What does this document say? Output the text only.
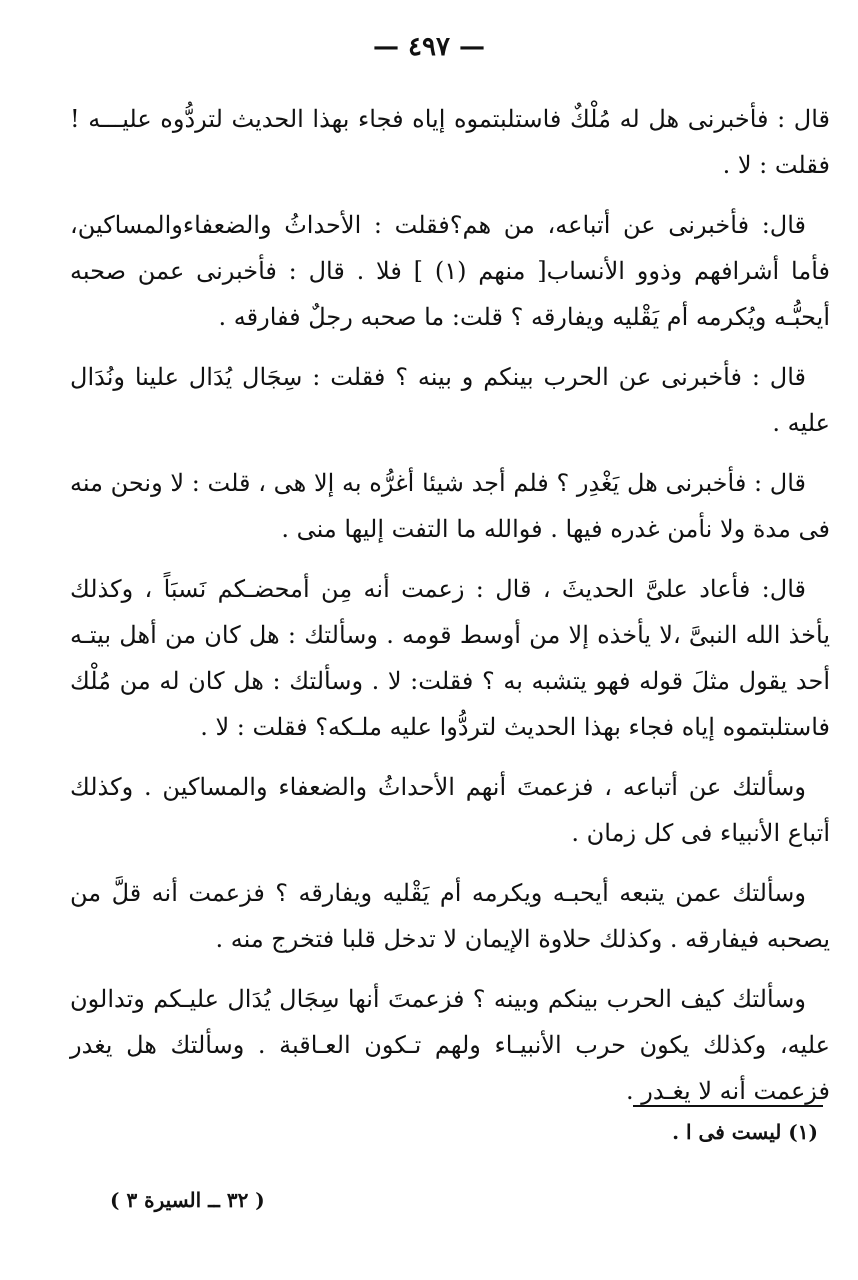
— ٤٩٧ —

قال : فأخبرنى هل له مُلْكٌ فاستلبتموه إياه فجاء بهذا الحديث لتردُّوه عليـــه ! فقلت : لا .

قال: فأخبرنى عن أتباعه، من هم؟فقلت : الأحداثُ والضعفاءوالمساكين، فأما أشرافهم وذوو الأنساب[ منهم (١) ] فلا . قال : فأخبرنى عمن صحبه أيحبُّـه ويُكرمه أم يَقْليه ويفارقه ؟ قلت: ما صحبه رجلٌ ففارقه .

قال : فأخبرنى عن الحرب بينكم و بينه ؟ فقلت : سِجَال يُدَال علينا ونُدَال عليه .

قال : فأخبرنى هل يَغْدِر ؟ فلم أجد شيئا أغرُّه به إلا هى ، قلت : لا ونحن منه فى مدة ولا نأمن غدره فيها . فوالله ما التفت إليها منى .

قال: فأعاد علىَّ الحديثَ ، قال : زعمت أنه مِن أمحضـكم نَسبَاً ، وكذلك يأخذ الله النبىَّ ،لا يأخذه إلا من أوسط قومه . وسألتك : هل كان من أهل بيتـه أحد يقول مثلَ قوله فهو يتشبه به ؟ فقلت: لا . وسألتك : هل كان له من مُلْك فاستلبتموه إياه فجاء بهذا الحديث لتردُّوا عليه ملـكه؟ فقلت : لا .

وسألتك عن أتباعه ، فزعمتَ أنهم الأحداثُ والضعفاء والمساكين . وكذلك أتباع الأنبياء فى كل زمان .

وسألتك عمن يتبعه أيحبـه ويكرمه أم يَقْليه ويفارقه ؟ فزعمت أنه قلَّ من يصحبه فيفارقه . وكذلك حلاوة الإيمان لا تدخل قلبا فتخرج منه .

وسألتك كيف الحرب بينكم وبينه ؟ فزعمتَ أنها سِجَال يُدَال عليـكم وتدالون عليه، وكذلك يكون حرب الأنبيـاء ولهم تـكون العـاقبة . وسألتك هل يغدر فزعمت أنه لا يغـدر .

(١) ليست فى ا .
( ٣٢ ــ السيرة ٣ )
